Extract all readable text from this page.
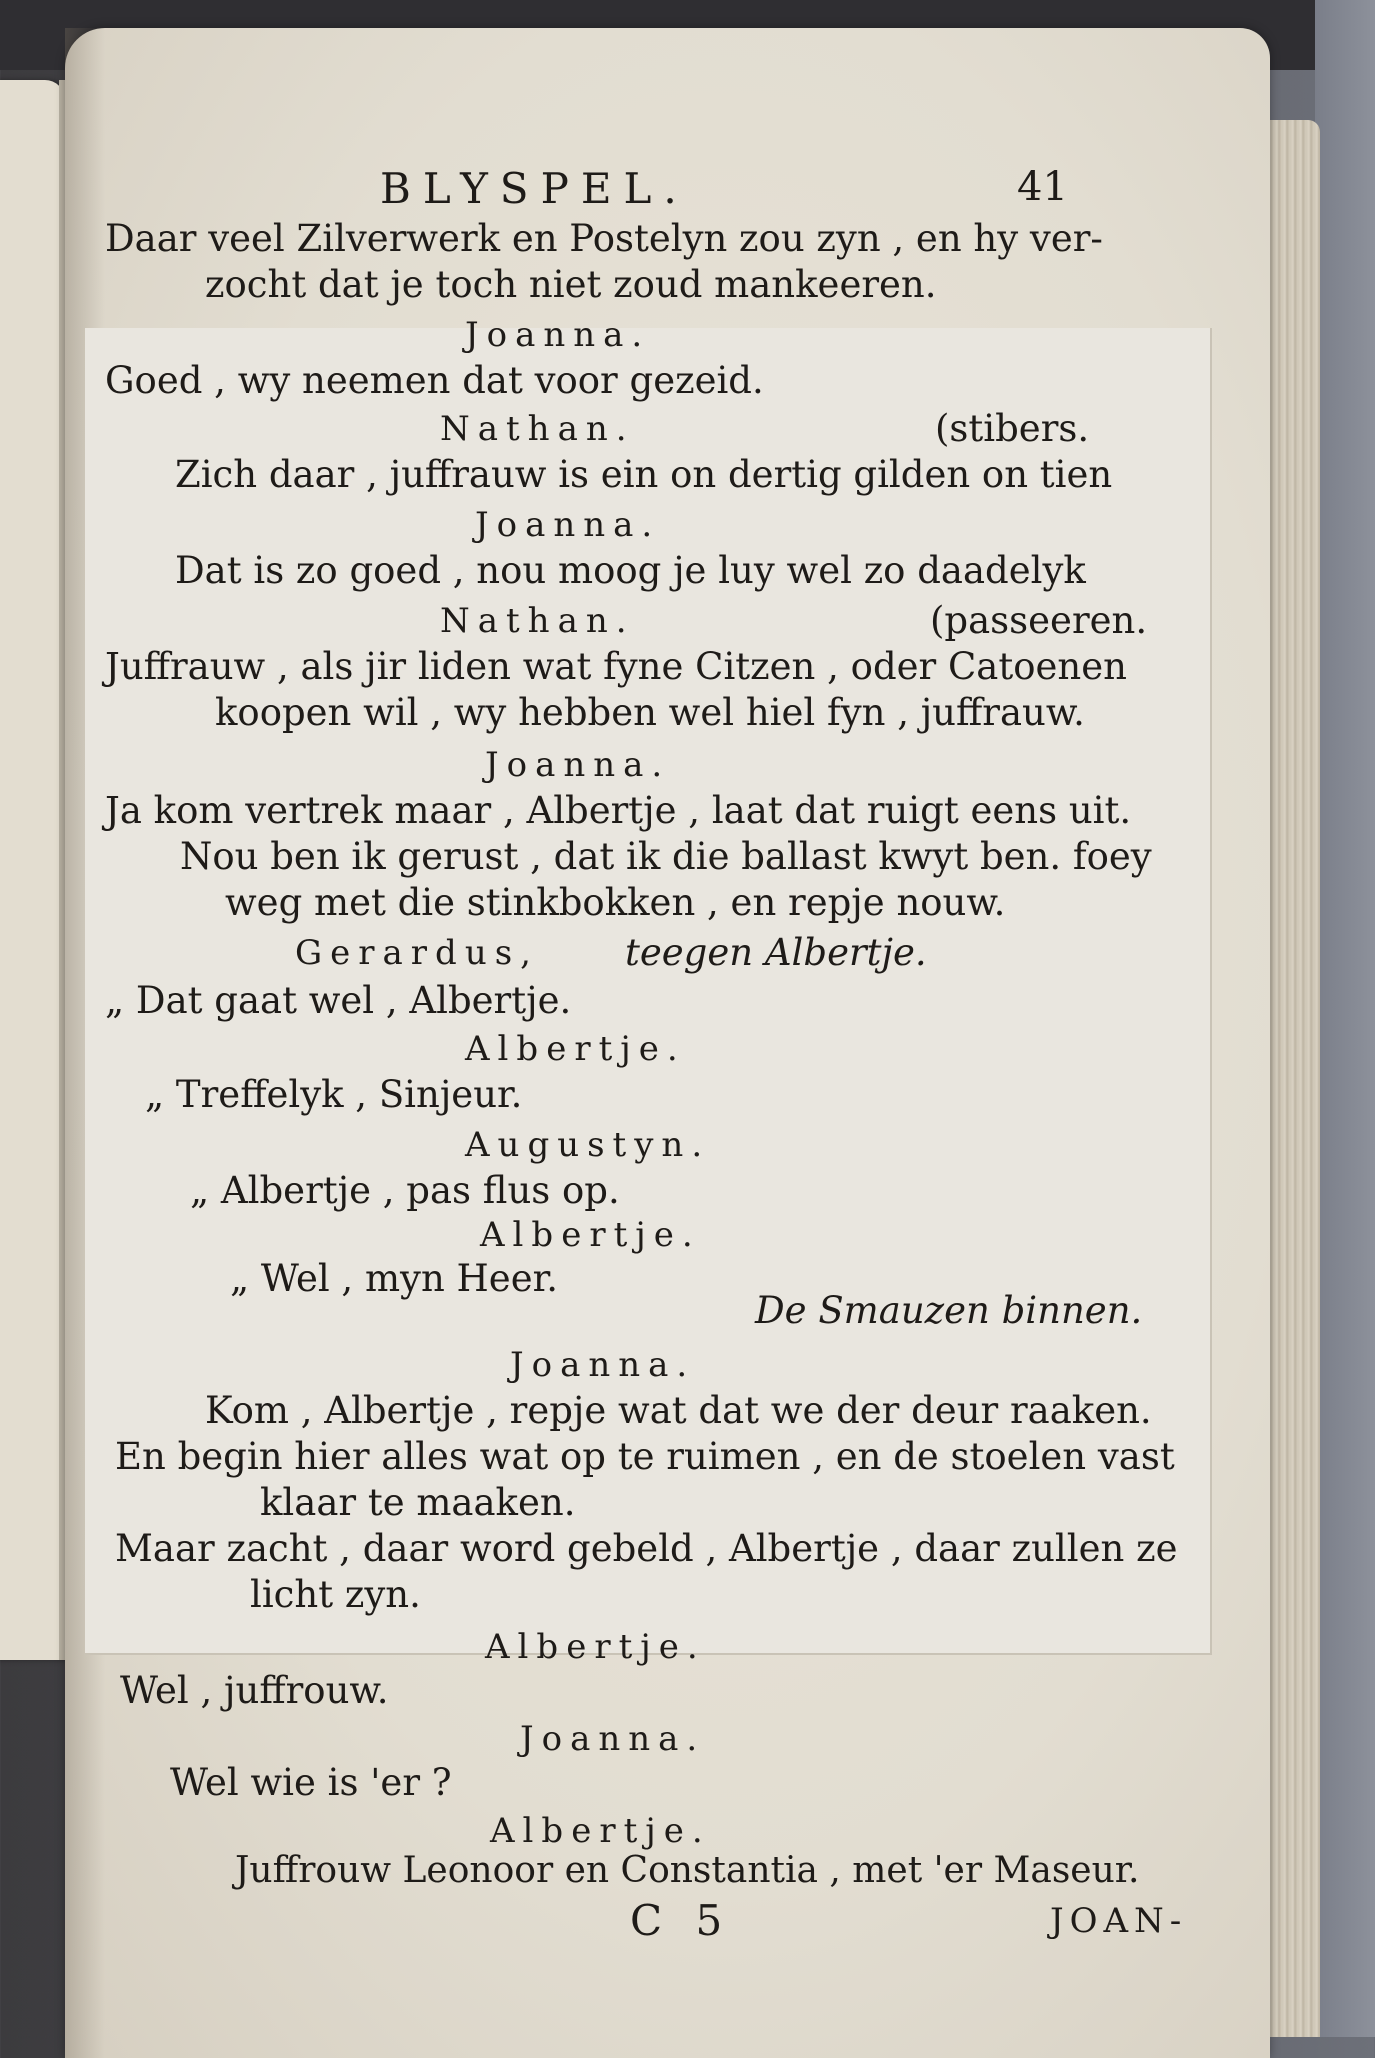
BLYSPEL.	41
Daar veel Zilverwerk en Postelyn zou zyn , en hy ver-
zocht dat je toch niet zoud mankeeren.
Joanna.
Goed , wy neemen dat voor gezeid.
Nathan.	(stibers.
Zich daar , juffrauw is ein on dertig gilden on tien
Joanna.
Dat is zo goed , nou moog je luy wel zo daadelyk
Nathan.	(passeeren.
Juffrauw , als jir liden wat fyne Citzen , oder Catoenen
koopen wil , wy hebben wel hiel fyn , juffrauw.
Joanna.
Ja kom vertrek maar , Albertje , laat dat ruigt eens uit.
Nou ben ik gerust , dat ik die ballast kwyt ben. foey
weg met die stinkbokken , en repje nouw.
Gerardus, teegen Albertje.
„ Dat gaat wel , Albertje.
Albertje.
„ Treffelyk , Sinjeur.
Augustyn.
„ Albertje , pas flus op.
Albertje.
„ Wel , myn Heer.
De Smauzen binnen.
Joanna.
Kom , Albertje , repje wat dat we der deur raaken.
En begin hier alles wat op te ruimen , en de stoelen vast
klaar te maaken.
Maar zacht , daar word gebeld , Albertje , daar zullen ze
licht zyn.
Albertje.
Wel , juffrouw.
Joanna.
Wel wie is 'er ?
Albertje.
Juffrouw Leonoor en Constantia , met 'er Maseur.
C 5	JOAN-
